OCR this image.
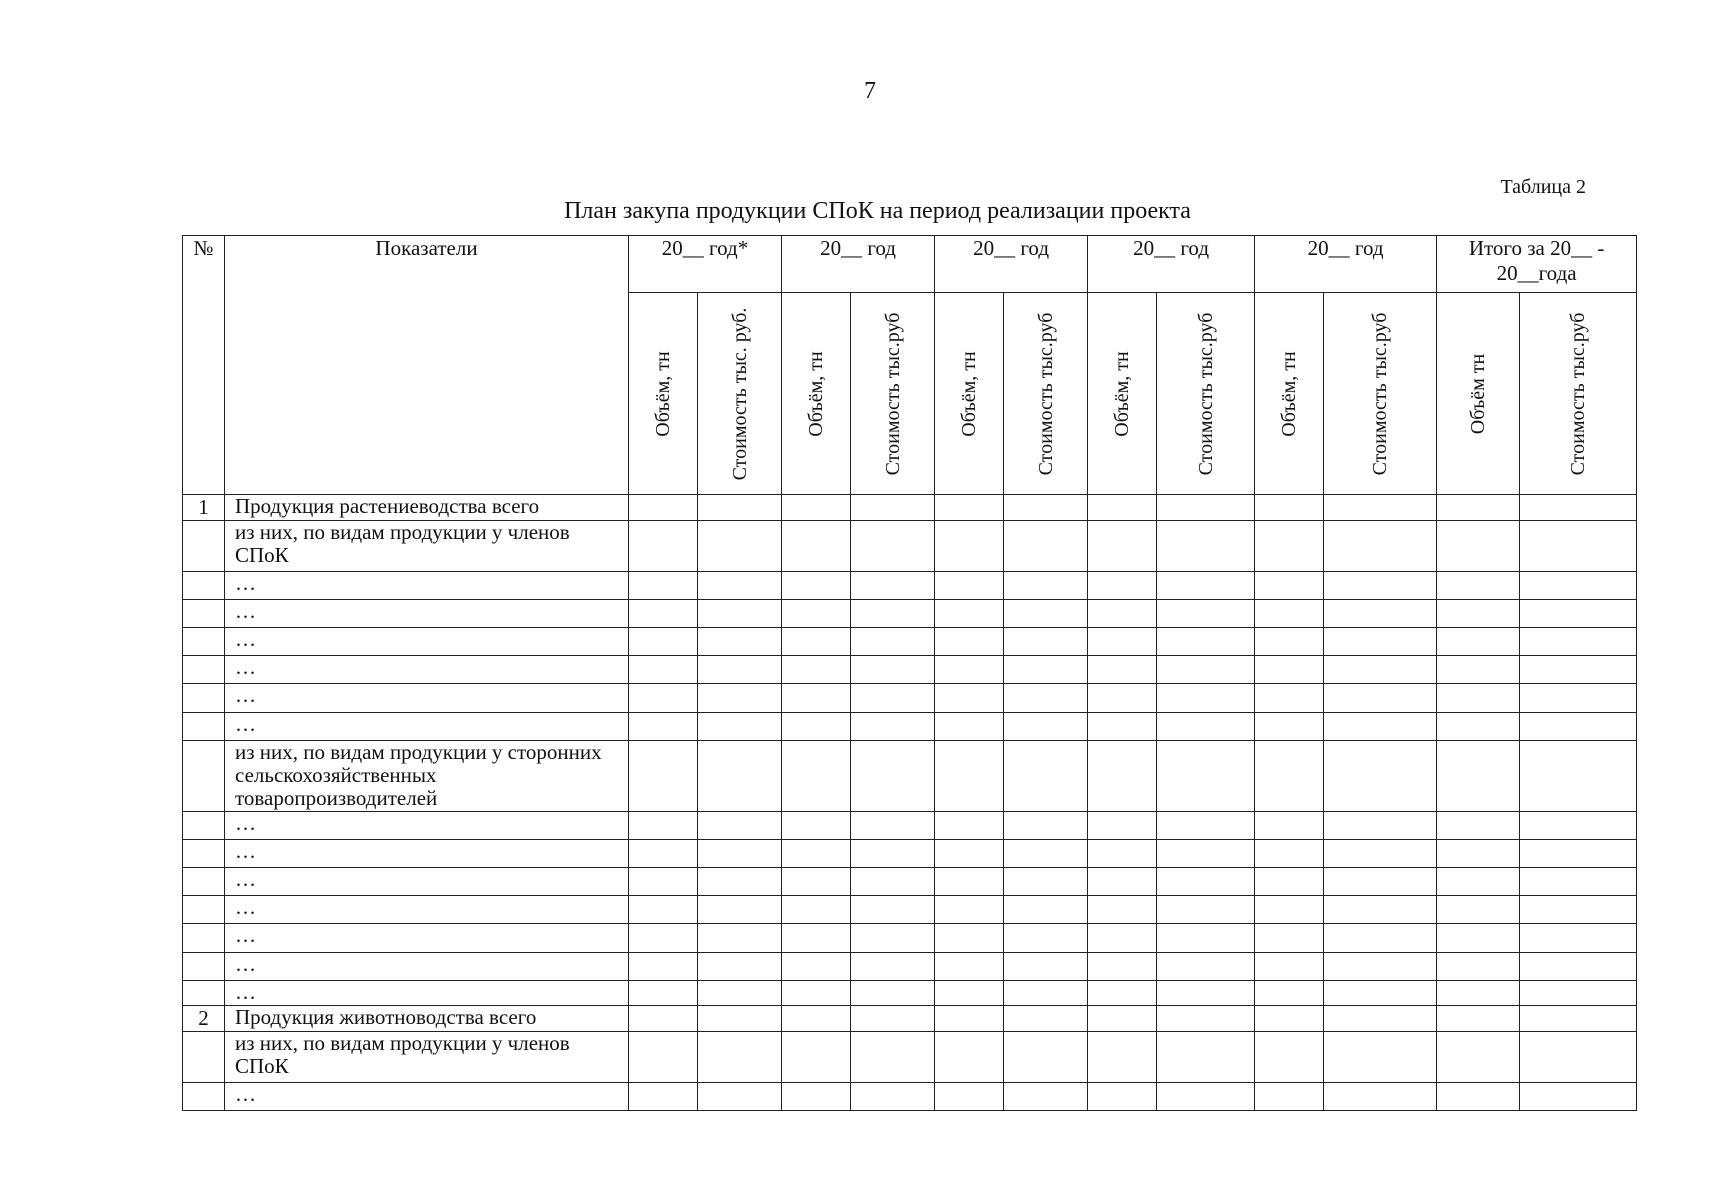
7
Таблица 2
План закупа продукции СПоК на период реализации проекта
№	Показатели	20__ год*		20__ год		20__ год		20__ год		20__ год		Итого за 20__ - 20__года	

		Объём, тн	Стоимость тыс. руб.	Объём, тн	Стоимость тыс.руб	Объём, тн	Стоимость тыс.руб	Объём, тн	Стоимость тыс.руб	Объём, тн	Стоимость тыс.руб	Объём тн	Стоимость тыс.руб

1	Продукция растениеводства всего												
	из них, по видам продукции у членов СПоК												
	…												
	…												
	…												
	…												
	…												
	…												
	из них, по видам продукции у сторонних сельскохозяйственных товаропроизводителей												
	…												
	…												
	…												
	…												
	…												
	…												
	…												
2	Продукция животноводства всего												
	из них, по видам продукции у членов СПоК												
	…												
